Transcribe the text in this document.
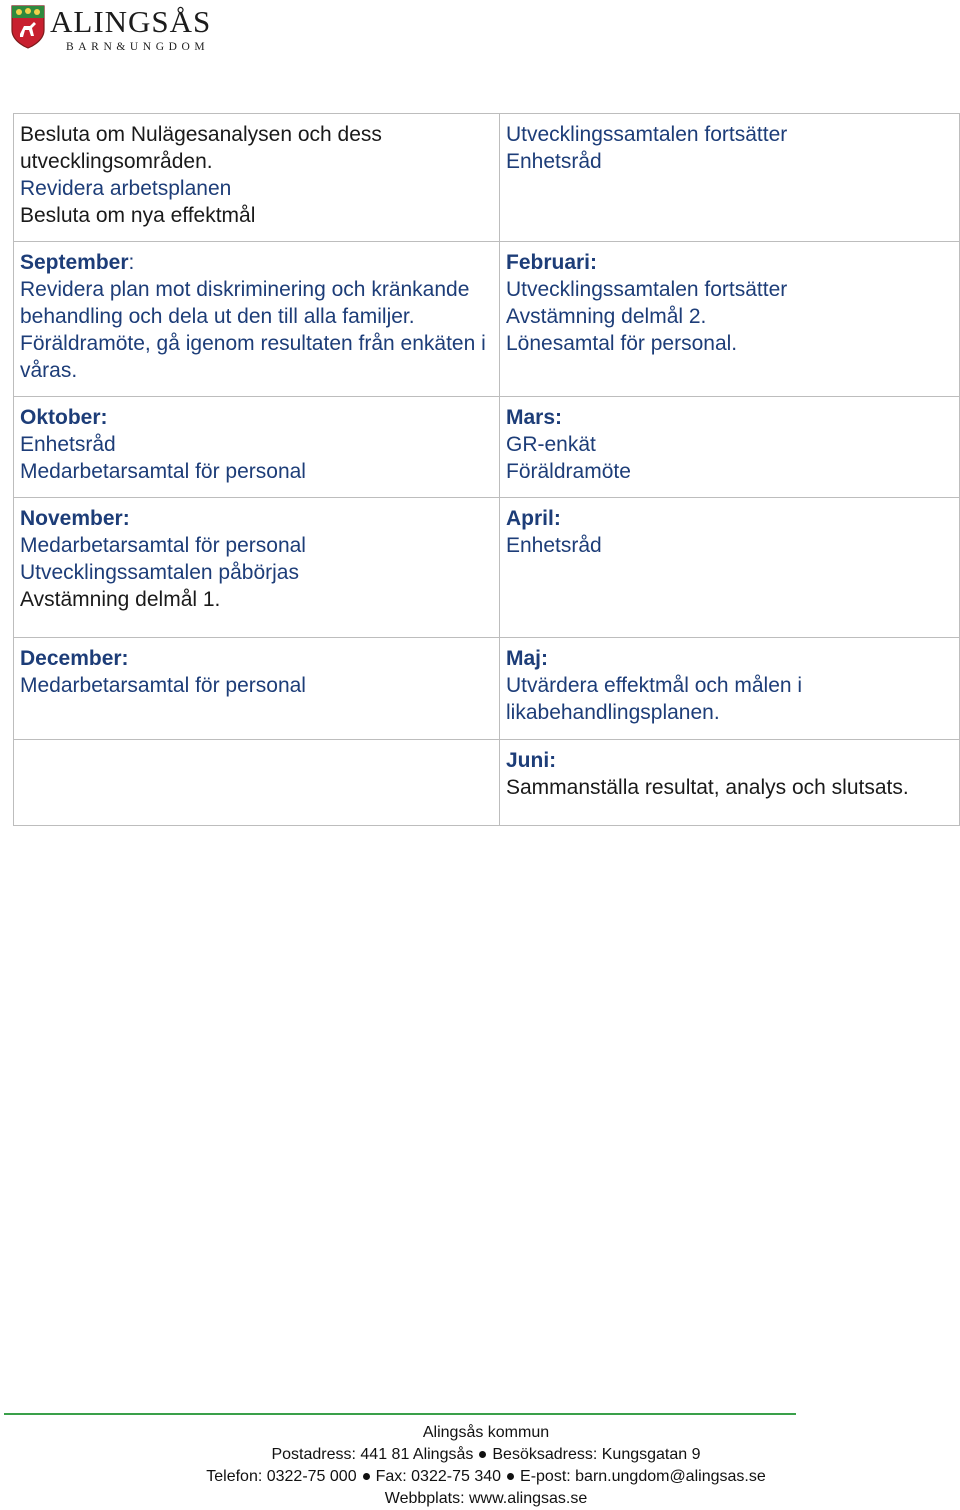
ALINGSÅS
BARN&UNGDOM
Besluta om Nulägesanalysen och dess utvecklingsområden.
Revidera arbetsplanen
Besluta om nya effektmål	Utvecklingssamtalen fortsätter
Enhetsråd

September:
Revidera plan mot diskriminering och kränkande behandling och dela ut den till alla familjer.
Föräldramöte, gå igenom resultaten från enkäten i våras.	Februari:
Utvecklingssamtalen fortsätter
Avstämning delmål 2.
Lönesamtal för personal.

Oktober:
Enhetsråd
Medarbetarsamtal för personal	Mars:
GR-enkät
Föräldramöte

November:
Medarbetarsamtal för personal
Utvecklingssamtalen påbörjas
Avstämning delmål 1.	April:
Enhetsråd

December:
Medarbetarsamtal för personal	Maj:
Utvärdera effektmål och målen i likabehandlingsplanen.

	Juni:
Sammanställa resultat, analys och slutsats.
Alingsås kommun
Postadress: 441 81 Alingsås Besöksadress: Kungsgatan 9
Telefon: 0322-75 000 Fax: 0322-75 340 E-post: barn.ungdom@alingsas.se
Webbplats: www.alingsas.se
